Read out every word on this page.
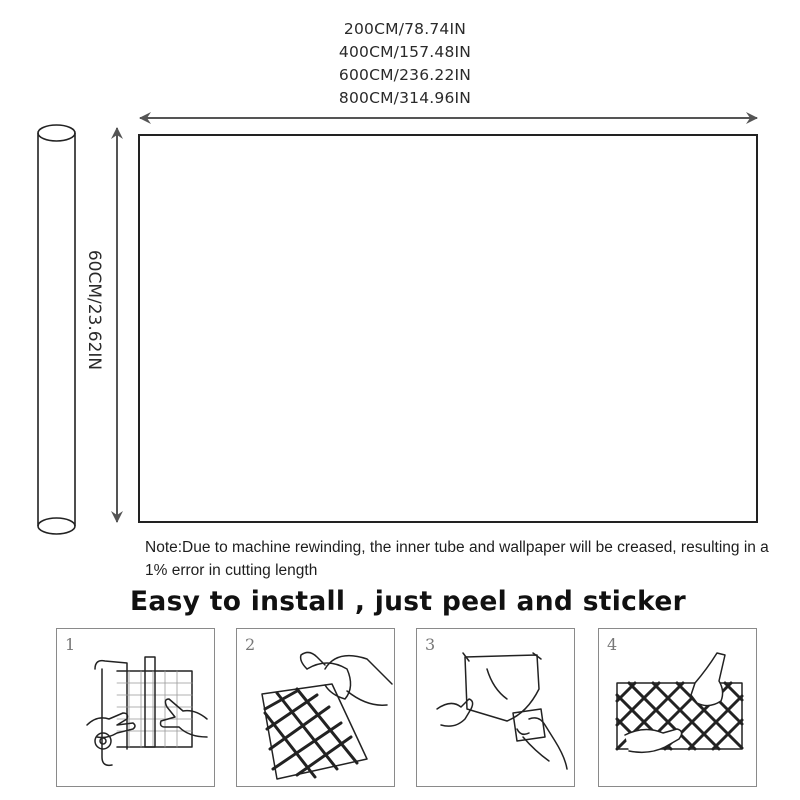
200CM/78.74IN
400CM/157.48IN
600CM/236.22IN
800CM/314.96IN
60CM/23.62IN
Note:Due to machine rewinding, the inner tube and wallpaper will be creased, resulting in a 1% error in cutting length
Easy to install , just peel and sticker
1	2	3	4
